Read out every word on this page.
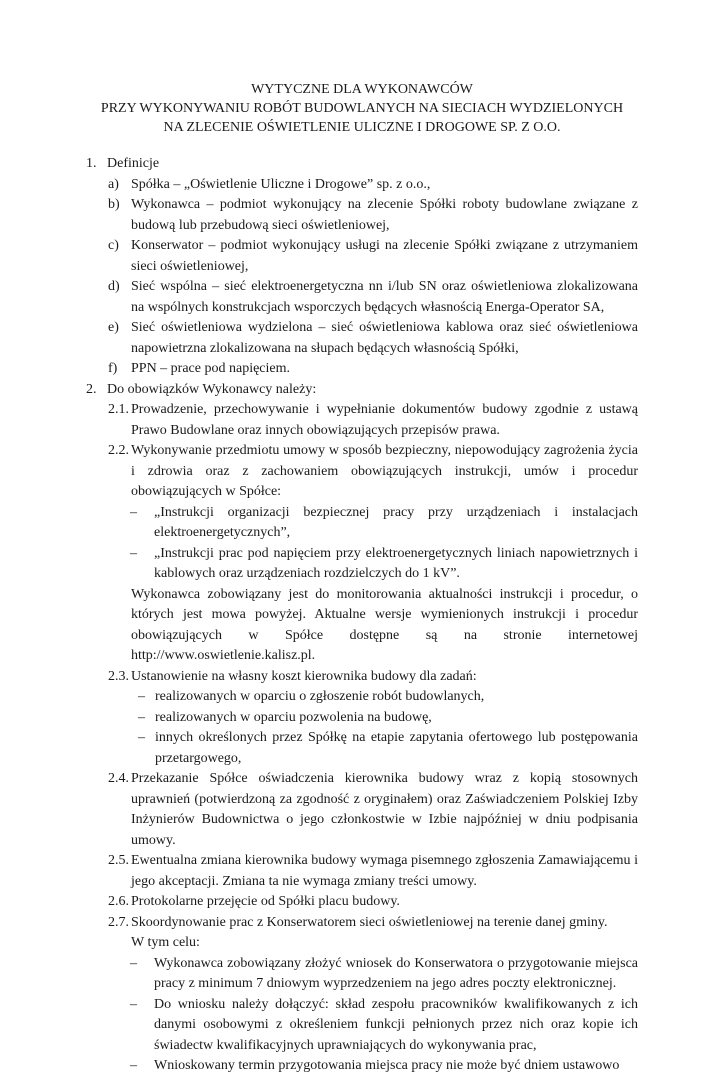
WYTYCZNE DLA WYKONAWCÓW
PRZY WYKONYWANIU ROBÓT BUDOWLANYCH NA SIECIACH WYDZIELONYCH
NA ZLECENIE OŚWIETLENIE ULICZNE I DROGOWE SP. Z O.O.
1. Definicje
a) Spółka – „Oświetlenie Uliczne i Drogowe” sp. z o.o.,
b) Wykonawca – podmiot wykonujący na zlecenie Spółki roboty budowlane związane z budową lub przebudową sieci oświetleniowej,
c) Konserwator – podmiot wykonujący usługi na zlecenie Spółki związane z utrzymaniem sieci oświetleniowej,
d) Sieć wspólna – sieć elektroenergetyczna nn i/lub SN oraz oświetleniowa zlokalizowana na wspólnych konstrukcjach wsporczych będących własnością Energa-Operator SA,
e) Sieć oświetleniowa wydzielona – sieć oświetleniowa kablowa oraz sieć oświetleniowa napowietrzna zlokalizowana na słupach będących własnością Spółki,
f) PPN – prace pod napięciem.
2. Do obowiązków Wykonawcy należy:
2.1. Prowadzenie, przechowywanie i wypełnianie dokumentów budowy zgodnie z ustawą Prawo Budowlane oraz innych obowiązujących przepisów prawa.
2.2. Wykonywanie przedmiotu umowy w sposób bezpieczny, niepowodujący zagrożenia życia i zdrowia oraz z zachowaniem obowiązujących instrukcji, umów i procedur obowiązujących w Spółce:
– „Instrukcji organizacji bezpiecznej pracy przy urządzeniach i instalacjach elektroenergetycznych”,
– „Instrukcji prac pod napięciem przy elektroenergetycznych liniach napowietrznych i kablowych oraz urządzeniach rozdzielczych do 1 kV”.
Wykonawca zobowiązany jest do monitorowania aktualności instrukcji i procedur, o których jest mowa powyżej. Aktualne wersje wymienionych instrukcji i procedur obowiązujących w Spółce dostępne są na stronie internetowej http://www.oswietlenie.kalisz.pl.
2.3. Ustanowienie na własny koszt kierownika budowy dla zadań:
– realizowanych w oparciu o zgłoszenie robót budowlanych,
– realizowanych w oparciu pozwolenia na budowę,
– innych określonych przez Spółkę na etapie zapytania ofertowego lub postępowania przetargowego,
2.4. Przekazanie Spółce oświadczenia kierownika budowy wraz z kopią stosownych uprawnień (potwierdzoną za zgodność z oryginałem) oraz Zaświadczeniem Polskiej Izby Inżynierów Budownictwa o jego członkostwie w Izbie najpóźniej w dniu podpisania umowy.
2.5. Ewentualna zmiana kierownika budowy wymaga pisemnego zgłoszenia Zamawiającemu i jego akceptacji. Zmiana ta nie wymaga zmiany treści umowy.
2.6. Protokolarne przejęcie od Spółki placu budowy.
2.7. Skoordynowanie prac z Konserwatorem sieci oświetleniowej na terenie danej gminy.
W tym celu:
– Wykonawca zobowiązany złożyć wniosek do Konserwatora o przygotowanie miejsca pracy z minimum 7 dniowym wyprzedzeniem na jego adres poczty elektronicznej.
– Do wniosku należy dołączyć: skład zespołu pracowników kwalifikowanych z ich danymi osobowymi z określeniem funkcji pełnionych przez nich oraz kopie ich świadectw kwalifikacyjnych uprawniających do wykonywania prac,
– Wnioskowany termin przygotowania miejsca pracy nie może być dniem ustawowo
